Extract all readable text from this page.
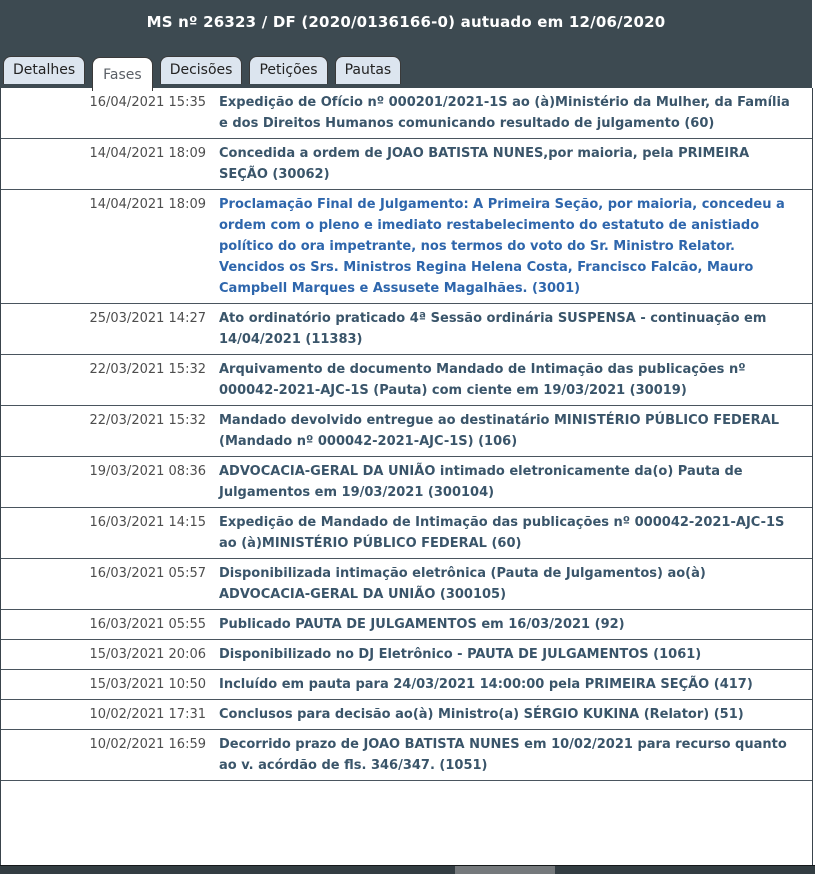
MS nº 26323 / DF (2020/0136166-0) autuado em 12/06/2020
Detalhes	Fases	Decisões	Petições	Pautas
16/04/2021 15:35	Expedição de Ofício nº 000201/2021-1S ao (à)Ministério da Mulher, da Família e dos Direitos Humanos comunicando resultado de julgamento (60)
14/04/2021 18:09	Concedida a ordem de JOAO BATISTA NUNES,por maioria, pela PRIMEIRA SEÇÃO (30062)
14/04/2021 18:09	Proclamação Final de Julgamento: A Primeira Seção, por maioria, concedeu a ordem com o pleno e imediato restabelecimento do estatuto de anistiado político do ora impetrante, nos termos do voto do Sr. Ministro Relator. Vencidos os Srs. Ministros Regina Helena Costa, Francisco Falcão, Mauro Campbell Marques e Assusete Magalhães. (3001)
25/03/2021 14:27	Ato ordinatório praticado 4ª Sessão ordinária SUSPENSA - continuação em 14/04/2021 (11383)
22/03/2021 15:32	Arquivamento de documento Mandado de Intimação das publicações nº 000042-2021-AJC-1S (Pauta) com ciente em 19/03/2021 (30019)
22/03/2021 15:32	Mandado devolvido entregue ao destinatário MINISTÉRIO PÚBLICO FEDERAL (Mandado nº 000042-2021-AJC-1S) (106)
19/03/2021 08:36	ADVOCACIA-GERAL DA UNIÃO intimado eletronicamente da(o) Pauta de Julgamentos em 19/03/2021 (300104)
16/03/2021 14:15	Expedição de Mandado de Intimação das publicações nº 000042-2021-AJC-1S ao (à)MINISTÉRIO PÚBLICO FEDERAL (60)
16/03/2021 05:57	Disponibilizada intimação eletrônica (Pauta de Julgamentos) ao(à) ADVOCACIA-GERAL DA UNIÃO (300105)
16/03/2021 05:55	Publicado PAUTA DE JULGAMENTOS em 16/03/2021 (92)
15/03/2021 20:06	Disponibilizado no DJ Eletrônico - PAUTA DE JULGAMENTOS (1061)
15/03/2021 10:50	Incluído em pauta para 24/03/2021 14:00:00 pela PRIMEIRA SEÇÃO (417)
10/02/2021 17:31	Conclusos para decisão ao(à) Ministro(a) SÉRGIO KUKINA (Relator) (51)
10/02/2021 16:59	Decorrido prazo de JOAO BATISTA NUNES em 10/02/2021 para recurso quanto ao v. acórdão de fls. 346/347. (1051)
